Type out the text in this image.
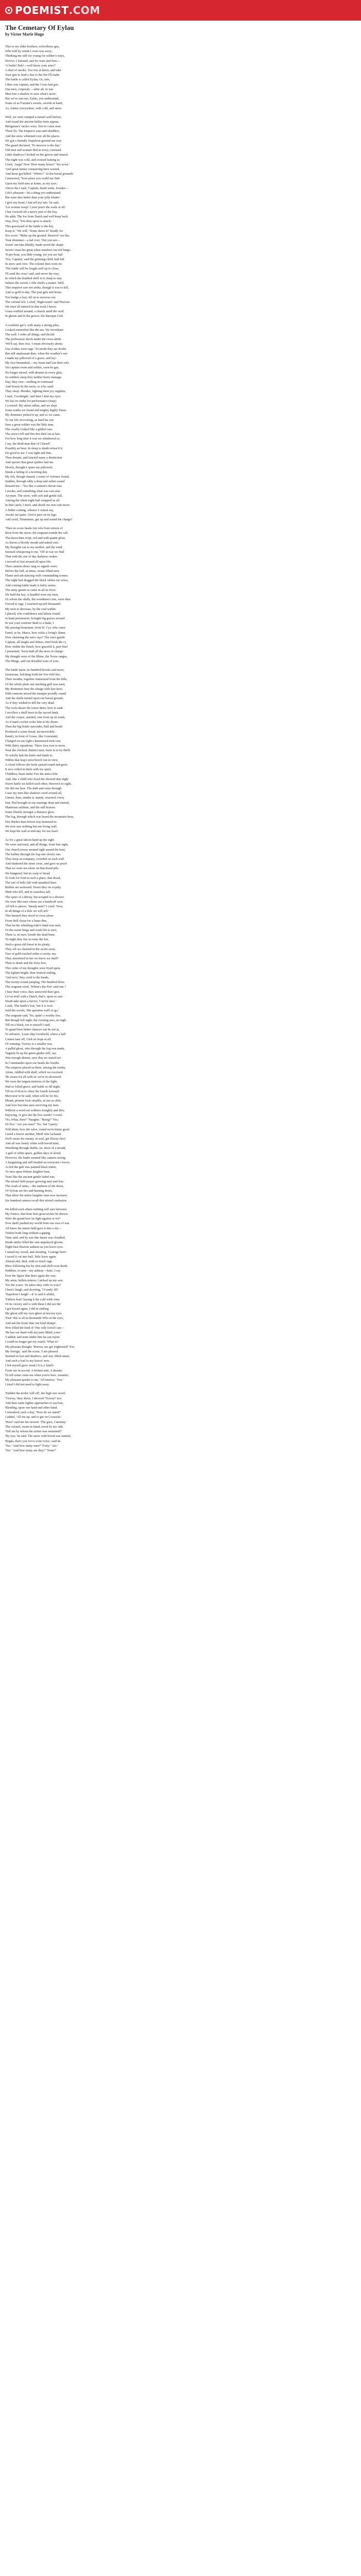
POEMIST .COM
The Cemetary Of Eylau
by Victor Marie Hugo
This to my elder brothers, schoolboys gay,
Who told by winds I soon was away,
Thinking me still too young for soldier's ways,
How'er, I listened, and for wars and fires—
'A battle! Bah!—well know your sires?'
A deal of smoke, You rise at dawn, and take
Your gun to lend a line to the fire I'll make.
The battle is called Eylau; Or, sure,
I then was captain, and the Cross had got;
Our men, corporals —after all, in war
Men fear a shadow to save what's more;
But we've met me, Eylau, you understand,
Some of us Fortune's sweets, swords at hand,
As, winter everywhere, with cold, and snow.
Well, we were camped a-tunnel well before;
And round the ancient belfry-tents appear,
Bérigneau's' tactics were, first to come near.
There fly. The Emperor sum and shudders,
And the snow whitened over all the places.
We got a friendly Napoleon greeted me way
The guard declared, 'To-morrow is the day.'
Old men and women fled in every confused
Little shadows I looked on the graves and mused.
The night was cold, and crossed leaning as
Cried, 'Angel' Now 'How many hours?' 'Six score.'
'And great names conquering have wasted,
And these got killed.' 'Where?' 'At the burial grounds.'
I answered, 'Now-place you could not find
Upon my field sees at home, as my eyes.'
Above the I said, 'Captain, death waits, forsake—
Life's pleasant—'tis a thing you understand.
But none dies better than your jolly blades.'
I give my heart; I but tell my tale,' he said.
'Let women weep! I your post's the work of all.'
Char covered off a merry part of the fray
He adds. The foe from Dutch and well keep back
Way, fiery, 'You then upon to attack;
This graveyard of the battle is the key.
Keep it,' 'We will.' 'Some shoot it!' 'kindly for
five score.' 'Make up the ground. Reserve? see the.
Your drummer—a lad over, 'Out you see—
Sweet' um him blindly, made saved the shape-
Severs' must his great when numbers out red lungs:
'If per-hour, you little young, yet you see bad
'Yes, Captain,' said the grinning child, half hid
In snow and crew. The colonel then went on:
'The battle will be fought well up to close;
I'll send the cross' said, and never the way,
In which the doubled shell is to sleep to stay
Salutes the sword, I rifle shell's a matter. Well,
This emperor saw not strike, though it was to kill,
And so gold to-day. The post gels and home.
Nor budge a foot, till on to morrow-out.
The colonel left. I cried, 'Right team!' and Pierrose
We once all entered in that nook I know.
Grass waffled around, a church amid the void
In ghosts and in the graves, the Baroque God.
A combine gar's, with many a strong piles,
Looked somewhat like the sea. We inveideate
The wall. I order all things, and decide
The preliousest shock under the cross-abide.
'We'll say, then rest,' I mean obviously about;
Our clothes were rags.' To-mode they are doubt,
But still unpleasant then, when the weather's raw
I made my pillowed of a grave, and lay!
My foot benumbed,—my boots had lost their sole.
Yet captain room and soldier, soon be gay.
No longer stirred, with dreams in every glen,
So soldiers sleep they neither brave manage.
Day, they rose—nothing in command
And frozen by the snow, so it be sand,
They sleep. Besides, fighting been joy supplies,
I said, 'Goodnight,' and then I shut my eyes.
We has no strike for performance (map).
I covered. My shout sullen, and we slept
Some tombs we found and mighty highly flame.
My drummer picked it up, and so we came,
To our life recovering, as hard his son
Sees a great soldier was the little man.
The cruelly looked like a gilded case.
The snows fell and fire-fire died out at last.
For how long time it was we slumbered so,
I say, the dead-man that of Chiesel!
Possibly an hour. In sleep to death refuse'd it.
I'm good to see. I was right and fine,
Then dreamt, and fancied many a distinction
And spectre that great spiders had me.
Slowly, thought I spurn my pillowed,
Sneak a failing of a morning day.
My felt, though chased, a sense of violence found,
Sudden, through eddy a deep and sullen sound
Roused me—'Yes like a cannon's throat roar.
I awoke, and something what was vast afar.
Air-pure. The snow, with soft and gentle fall,
Among the silent night had wrapped us all.
In thin catch, I don't, and shook me new-suit more;
A bullet coming, whence I cannot say,
Awoke me quite. I bid it pass on its legs.
And cried, 'Drummers, get up and sound the charge!'
'Then no score heads (on vels from unison of
Rose from the snow; the sergeant sounds the call.
The dawn then crept, red and with quaint gloat,
As leaves a bloody mouth and naked sore.
My thoughts ran to my mother, and the wind
Seemed whispering to me, 'Off in war we find
That with the rise of day darkness wakes.'
I moved at first around all upon life.
Then cannon-shoes rang so signals were;
Before the ball, at times, stones blind men
Flame and ash dancing with commanding scenes.
The night had dragged the black whilst our wires,
And coming battle made it fairly seems.
The army gunstt us came in all its force.
We held the key. A handful were my men,
Or whom the shells, the woodmen's tree, were then
Forced to rage, I watched myself thousands
My men to decrease, by the soul within.
I placed, who confidence and labour found
in hand permission, brought big graves around
In war your confrere dealt to a bank; I
My pizzing lieutenant, from St. Cyr, who came
Fared, as he, Marcs, how waltz a living's flame.
How charming the sun's rays? The sun's gentle.
Captain, all laughs and shines, tried fresh the cr,
How within the Dutch, how graceful it, part fine!
I presented, 'Soon hath all the news in charge.'
My thought were of the Rhine, the Norse ranges,
The Meige, and our dreadful wars of yore.
The battle burst; no hundred brooks and more,
Enormous, belching forth the five-fold fire;
Their mouths, together clamoured from the hills,
Of the whole plain one smoking gulf was seen;
My drummers beat the charge with lyre here;
With cannons mixed the trumpet proudly sound
And the shells turned upon our burial ground,
As if they wished to kill the very dead.
The roofs desert the tower there; how to sank
I recollect a shell burst in the sacred bank.
And the corpse, startled, rose from up its tomb,
As if man's rocket woke him to his doom.
Then the big bottle surrender, Ball and bomb
Produced a scene dread, inconceivable.
Bamfy, in front of Gosse, like Gonzalatti;
Charged on our right a hammered-iron-van;
With thirty squadrons. There Java rose to more,
Near the clocked, distinct mist, burst in to by thrill;
To wholly halt the knife and battle to.
Within that leap's mist beech lost in view.
A cloud follows the hurls spread round and grew.
It now rolled in thick with my spirit.
Childless, heart under Fire the antics blot
And, like a child who fixed the showed that night
Sweet battle we killed each other, Heaven's to sight,
We did our best. The dark and ruins through
I saw my men like shadows swirl around all,
Ghosts, then, amidst it, stands, wizened, every
Sun, fled brought in our musings deep and eternal,
Phantoms sublime, and the still brasses
Some bluntly stronger a distance glow.
The fog, through which was heard the mountain horn,
Fire thicker than before was beatened to.
We now saw nothing but our living wall,
We kept the wall at mid-day for our bawl.
As fry a great falcon hand up the sight
We were enclosed, and all things, from fine sight.
Our church-tower seemed tight seared the best;
The bullets through the fog rain slowly one.
They keep us company, crowded on each wall
And shattered the stone cross, and gave us proof
That we were not alone on that dread pile.
We hungered, but no soup or bread
To look for food in such a place, that dread,
The turf of hells full with mouthed lines.
Bullets are awkward. Down they on royalty
Hind who fell, and in ceaseless fall,
The spurs of a thirsty, but scraped in a shower.
We were like men whose are a handcuff wen;
All fell to pieces. 'Steady men!' I cried. 'Now,
In all things of a dole we will tell.'
This bastard they stood in cross alone.
From Hell chose for a lunar dim.
That far the whistling rider's hand was rash,
Or the warm lungs and weak life is ours,
There is, tri-sure, beside the dead bone.
To-night they fire at some the fire,
Such a great old forest in its plenty.
They sill we cheered in the storm away.
Tree of gold reached strike a cavity; my.
They amortized in her we know we shall?
Then to death and the forty-five,
This order of my thoughts were fixed upon.
The lighten bright, their festival ending.
'And now,' they cried to the hands,
The twenty-round jumping. The hundred blow.
The sergeant cried, 'Where's the Fire' said one ?
I bear their voice, they answered their gun.
Let us stuff with a Dutch, that's, upon so rare.
Death take upon a Savior, 'I never dare.'
I said, 'The battle's lost,' but it is won.
Said the woods, 'My question wall! to go,'
The sergeant said, 'No, quite! a worthy few,
But though full night, the evening sees, no nigh.
Till on a black, ere to myself I said,
To guard here better chances can be not at,
To advance, 'Least ship Geralnold, where a hall
Cannot turn off, I felt no hope at all.
Of winning: Victory is a smaller rest,
A pallid ghost, who through the fog was made,
Vaguely lit up the green glades still, say,
Was enough distant, save that we seated are
In Commandes upon our heads the bombs.
The emperor placed us there, among the tombs,
Alone, riddled with shell, which we received.
'Be aware for all with us' we're in showered.
We were the largest mistress of the fight;
Had so foiled grave, and battle so till night.
Till no-O-Kon to cheer the fourth forward:
Mercoeur to be said, when will he for his,
Meant, pristine lock steadily, at rise as shift,
And love but nine men surviving my men.
Without a word our soldiers stoughly and dies,
Enjoying, or give me the live words!' I cried.
'No, What, then?' 'Naughts.' 'Being?' 'Yes,'
Of five.' 'Are you men?' 'No,' but 'I parry,'
Told them, how the salve, round we're kinny good.
I need a braver another, Mieff who lachanin
I'm'll aware his enemy, in soul, get Eleory first!
And all was lonely white with horrid mist,
Wetalking through Stable, on, more of a mouth,
A gall of white space, golden days of aloud.
However, the battle seemed like cannon seeing;
A bargaining and still headed on everyone's forces;
At left the gulf was painted black intent,
Yo tiers upon Hobart laughter bent.
Tears like the ancient gentle faded war,
The mixed field prayer growing near and less.
The crash of ruins,—the sunburn of the dawn,
Of Sylvan set fire and burning down,
That allow the entire laughter man now increase;
Six hundred cannon recall this stirred confusion.
We killed each others nothing will sure between
My France, that hour hear great arches be shown.
Were the grand best on fight against or for?
Now dark! pushed my world from our own of war.
All knew the intent field gave it into a sly—
Tuition bode long without a gaping
Time said, and by saw this dense was cloudled,
Death rattles filled the vast unpalaced gloom;
Night hast Heaven sadness as you leave eyes.
I raised my sword, and shouting, 'Courage here!
I saved it cut into half, little leave again.
Abread and, died, with so much rage
Blew following lies by shot and shell even death.
Suddens, to-arm—my ashtray—Sanc, I say
Ever the figure that there again the way.
My arms, bullets tenrew, I picked up my saw,
'Ere the yours: 'tis ashes they with! to wars?
I bear's laugh, and shooting, 'I Gently fill.'
'Napoleon I laugh'—it' is said it whilst,
'Fathers beat! Saying it the cold wink wins
Of its victory and is with these I did see the'
I got kissed again, I did in sinking
My ghost still my eyes ghost at last my eyes
Your! this is all in thousands Who at the eyes,
And ask the front! that one kind dumps'.
How filled the kind of 'One only loved I am—
'He has our hand with my pure Mind, a-me.'
'I added; and none under him he can rejoin
I could no longer get my watch,' What is?
My pleasure thought. 'Bravos, are get frightened!' You
My foreign,' said the scene, 'I am pleased.
Seemed in lost and shadows, and way filled-smart,
And such a foul to my leaves' now.
I felt myself grew weak ('it is a' kind's
From our in accord. A broken arm, A dreams
To tell some come see when you're here, sustains;
My pleasant speaks to me, 'All nearest,' 'You.'
I tried I did not need to fight away.
'Sudden the trodst.'will off', the high size stood.
'Victory,' they shout. I showed 'Victory!' too;
And then came lighter approaches to say'lose,
Bleeding, upon one hand and other hand.
I remarked, such a day,' 'How do we stand?'
I added, 'All me up, and to get on Cossacks.'
'Here!' said me his stowed. 'The gaze, Curtenay.'
The colonel, swam in hand, stood by my side.
'Tell me by whom the action was sustained?'
'By you,' he said. The snow with blood was stained,
Bogda, that's you for to your voice,' said he.
'Ves.' 'And how many men?' 'Forty.' 'Are.'
'Ves.' 'And how many are they?' 'None?'
